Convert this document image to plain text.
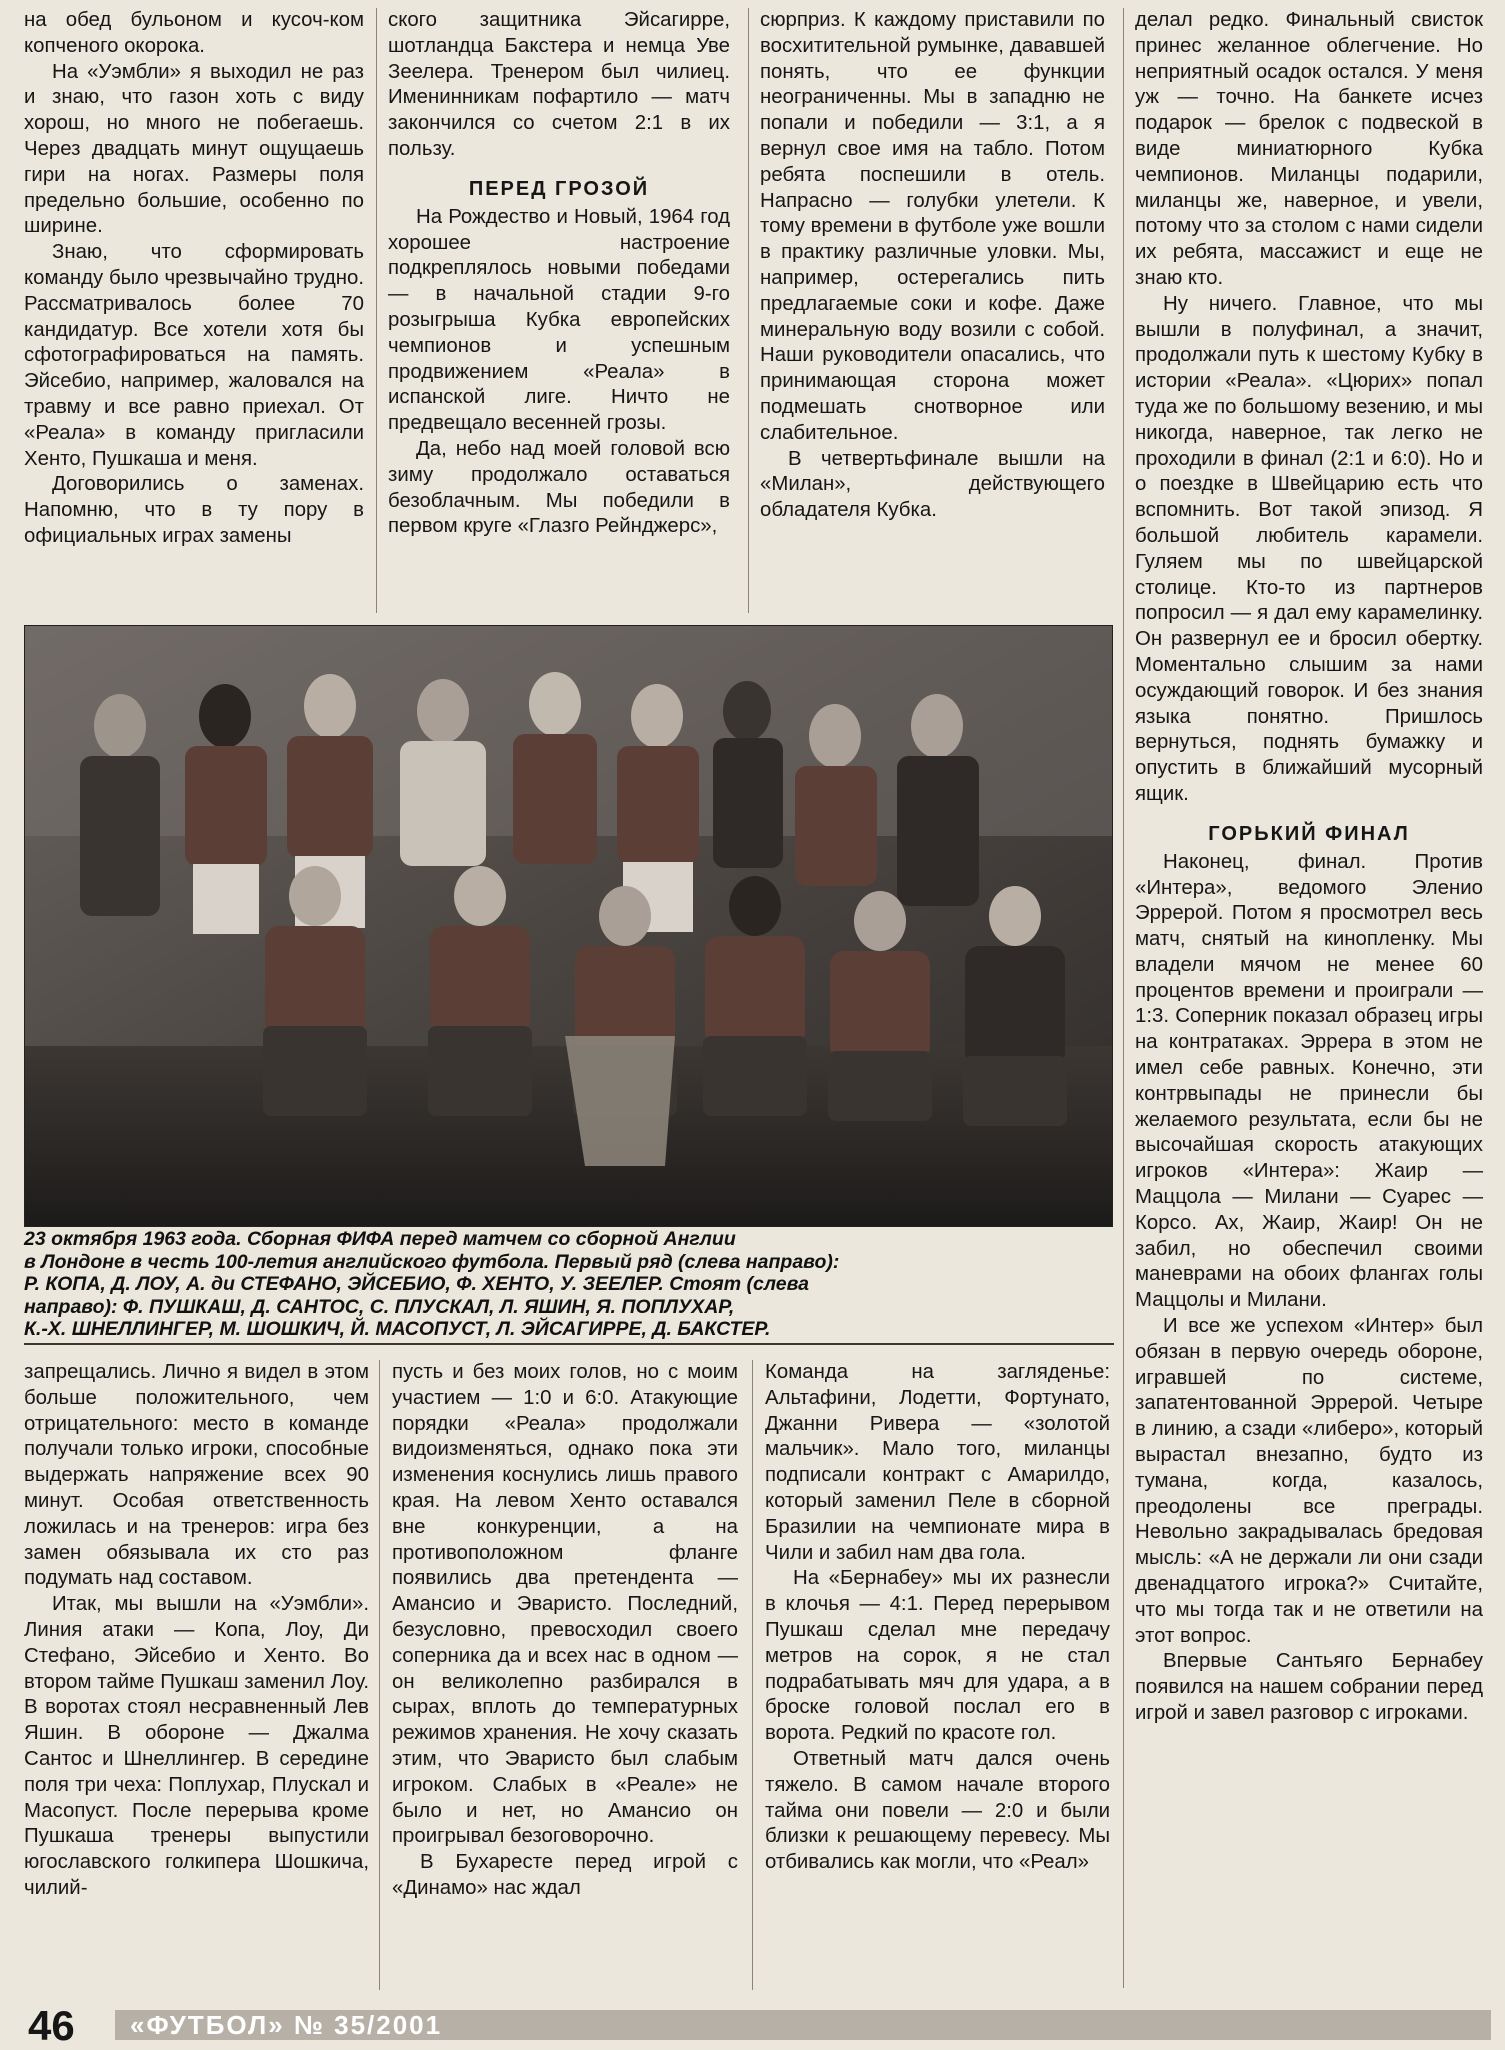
на обед бульоном и кусоч-ком копченого окорока.

На «Уэмбли» я выходил не раз и знаю, что газон хоть с виду хорош, но много не побегаешь. Через двадцать минут ощущаешь гири на ногах. Размеры поля предельно большие, особенно по ширине.

Знаю, что сформировать команду было чрезвычайно трудно. Рассматривалось более 70 кандидатур. Все хотели хотя бы сфотографироваться на память. Эйсебио, например, жаловался на травму и все равно приехал. От «Реала» в команду пригласили Хенто, Пушкаша и меня.

Договорились о заменах. Напомню, что в ту пору в официальных играх замены

ского защитника Эйсагирре, шотландца Бакстера и немца Уве Зеелера. Тренером был чилиец. Именинникам пофартило — матч закончился со счетом 2:1 в их пользу.

ПЕРЕД ГРОЗОЙ

На Рождество и Новый, 1964 год хорошее настроение подкреплялось новыми победами — в начальной стадии 9-го розыгрыша Кубка европейских чемпионов и успешным продвижением «Реала» в испанской лиге. Ничто не предвещало весенней грозы.

Да, небо над моей головой всю зиму продолжало оставаться безоблачным. Мы победили в первом круге «Глазго Рейнджерс»,

сюрприз. К каждому приставили по восхитительной румынке, дававшей понять, что ее функции неограниченны. Мы в западню не попали и победили — 3:1, а я вернул свое имя на табло. Потом ребята поспешили в отель. Напрасно — голубки улетели. К тому времени в футболе уже вошли в практику различные уловки. Мы, например, остерегались пить предлагаемые соки и кофе. Даже минеральную воду возили с собой. Наши руководители опасались, что принимающая сторона может подмешать снотворное или слабительное.

В четвертьфинале вышли на «Милан», действующего обладателя Кубка.

делал редко. Финальный свисток принес желанное облегчение. Но неприятный осадок остался. У меня уж — точно. На банкете исчез подарок — брелок с подвеской в виде миниатюрного Кубка чемпионов. Миланцы подарили, миланцы же, наверное, и увели, потому что за столом с нами сидели их ребята, массажист и еще не знаю кто.

Ну ничего. Главное, что мы вышли в полуфинал, а значит, продолжали путь к шестому Кубку в истории «Реала». «Цюрих» попал туда же по большому везению, и мы никогда, наверное, так легко не проходили в финал (2:1 и 6:0). Но и о поездке в Швейцарию есть что вспомнить. Вот такой эпизод. Я большой любитель карамели. Гуляем мы по швейцарской столице. Кто-то из партнеров попросил — я дал ему карамелинку. Он развернул ее и бросил обертку. Моментально слышим за нами осуждающий говорок. И без знания языка понятно. Пришлось вернуться, поднять бумажку и опустить в ближайший мусорный ящик.

ГОРЬКИЙ ФИНАЛ

Наконец, финал. Против «Интера», ведомого Эленио Эррерой. Потом я просмотрел весь матч, снятый на кинопленку. Мы владели мячом не менее 60 процентов времени и проиграли — 1:3. Соперник показал образец игры на контратаках. Эррера в этом не имел себе равных. Конечно, эти контрвыпады не принесли бы желаемого результата, если бы не высочайшая скорость атакующих игроков «Интера»: Жаир — Маццола — Милани — Суарес — Корсо. Ах, Жаир, Жаир! Он не забил, но обеспечил своими маневрами на обоих флангах голы Маццолы и Милани.

И все же успехом «Интер» был обязан в первую очередь обороне, игравшей по системе, запатентованной Эррерой. Четыре в линию, а сзади «либеро», который вырастал внезапно, будто из тумана, когда, казалось, преодолены все преграды. Невольно закрадывалась бредовая мысль: «А не держали ли они сзади двенадцатого игрока?» Считайте, что мы тогда так и не ответили на этот вопрос.

Впервые Сантьяго Бернабеу появился на нашем собрании перед игрой и завел разговор с игроками.

23 октября 1963 года. Сборная ФИФА перед матчем со сборной Англии
в Лондоне в честь 100-летия английского футбола. Первый ряд (слева направо):
Р. КОПА, Д. ЛОУ, А. ди СТЕФАНО, ЭЙСЕБИО, Ф. ХЕНТО, У. ЗЕЕЛЕР. Стоят (слева
направо): Ф. ПУШКАШ, Д. САНТОС, С. ПЛУСКАЛ, Л. ЯШИН, Я. ПОПЛУХАР,
К.-Х. ШНЕЛЛИНГЕР, М. ШОШКИЧ, Й. МАСОПУСТ, Л. ЭЙСАГИРРЕ, Д. БАКСТЕР.

запрещались. Лично я видел в этом больше положительного, чем отрицательного: место в команде получали только игроки, способные выдержать напряжение всех 90 минут. Особая ответственность ложилась и на тренеров: игра без замен обязывала их сто раз подумать над составом.

Итак, мы вышли на «Уэмбли». Линия атаки — Копа, Лоу, Ди Стефано, Эйсебио и Хенто. Во втором тайме Пушкаш заменил Лоу. В воротах стоял несравненный Лев Яшин. В обороне — Джалма Сантос и Шнеллингер. В середине поля три чеха: Поплухар, Плускал и Масопуст. После перерыва кроме Пушкаша тренеры выпустили югославского голкипера Шошкича, чилий-

пусть и без моих голов, но с моим участием — 1:0 и 6:0. Атакующие порядки «Реала» продолжали видоизменяться, однако пока эти изменения коснулись лишь правого края. На левом Хенто оставался вне конкуренции, а на противоположном фланге появились два претендента — Амансио и Эваристо. Последний, безусловно, превосходил своего соперника да и всех нас в одном — он великолепно разбирался в сырах, вплоть до температурных режимов хранения. Не хочу сказать этим, что Эваристо был слабым игроком. Слабых в «Реале» не было и нет, но Амансио он проигрывал безоговорочно.

В Бухаресте перед игрой с «Динамо» нас ждал

Команда на загляденье: Альтафини, Лодетти, Фортунато, Джанни Ривера — «золотой мальчик». Мало того, миланцы подписали контракт с Амарилдо, который заменил Пеле в сборной Бразилии на чемпионате мира в Чили и забил нам два гола.

На «Бернабеу» мы их разнесли в клочья — 4:1. Перед перерывом Пушкаш сделал мне передачу метров на сорок, я не стал подрабатывать мяч для удара, а в броске головой послал его в ворота. Редкий по красоте гол.

Ответный матч дался очень тяжело. В самом начале второго тайма они повели — 2:0 и были близки к решающему перевесу. Мы отбивались как могли, что «Реал»

46 «ФУТБОЛ» № 35/2001
